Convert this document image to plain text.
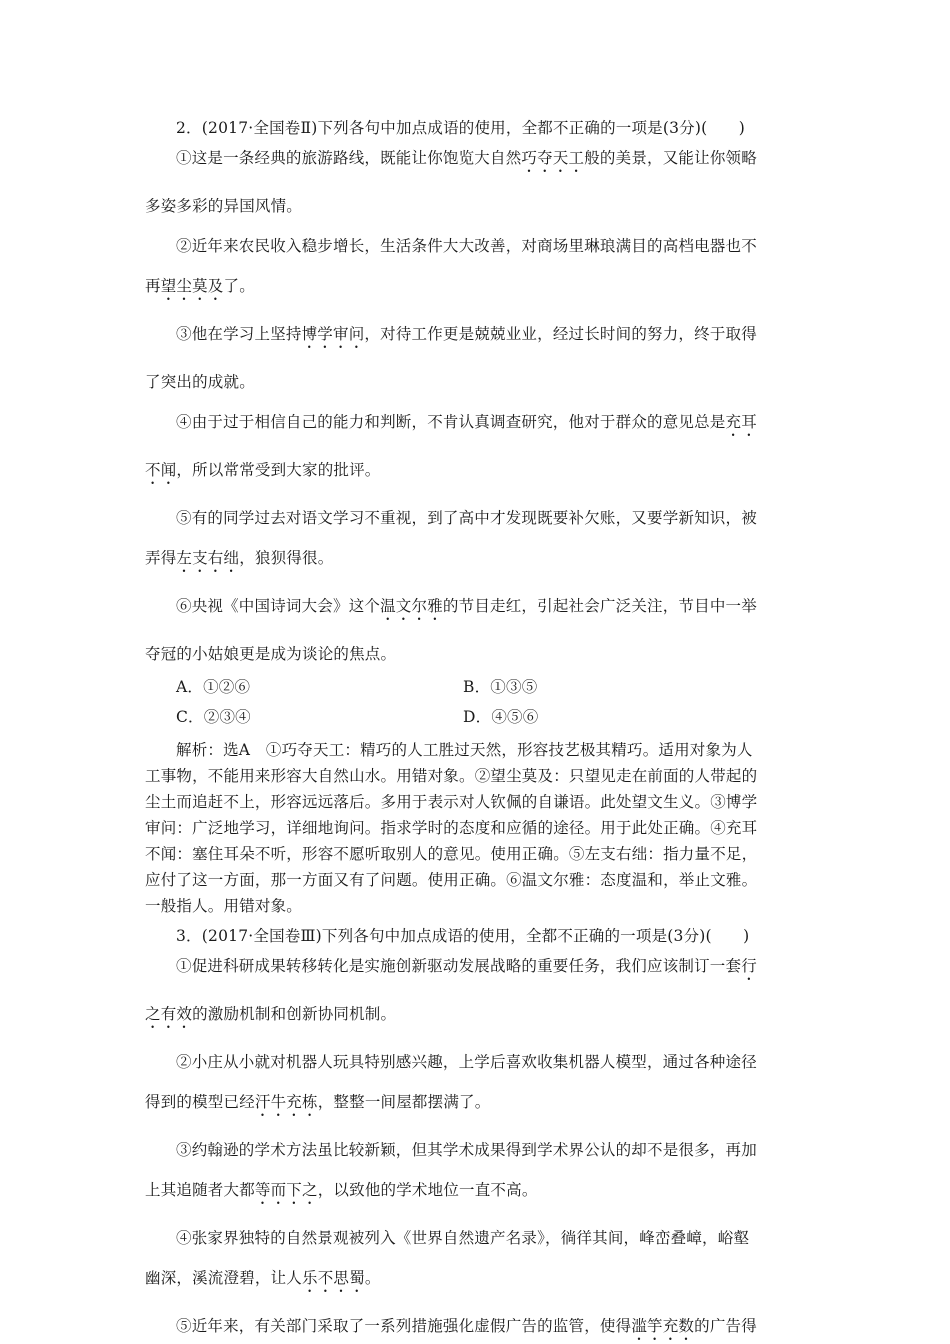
2．(2017·全国卷Ⅱ)下列各句中加点成语的使用，全都不正确的一项是(3分)(　　)
①这是一条经典的旅游路线，既能让你饱览大自然巧夺天工般的美景，又能让你领略
多姿多彩的异国风情。
②近年来农民收入稳步增长，生活条件大大改善，对商场里琳琅满目的高档电器也不
再望尘莫及了。
③他在学习上坚持博学审问，对待工作更是兢兢业业，经过长时间的努力，终于取得
了突出的成就。
④由于过于相信自己的能力和判断，不肯认真调查研究，他对于群众的意见总是充耳
不闻，所以常常受到大家的批评。
⑤有的同学过去对语文学习不重视，到了高中才发现既要补欠账，又要学新知识，被
弄得左支右绌，狼狈得很。
⑥央视《中国诗词大会》这个温文尔雅的节目走红，引起社会广泛关注，节目中一举
夺冠的小姑娘更是成为谈论的焦点。
A．①②⑥	B．①③⑤
C．②③④	D．④⑤⑥
解析：选A　①巧夺天工：精巧的人工胜过天然，形容技艺极其精巧。适用对象为人
工事物，不能用来形容大自然山水。用错对象。②望尘莫及：只望见走在前面的人带起的
尘土而追赶不上，形容远远落后。多用于表示对人钦佩的自谦语。此处望文生义。③博学
审问：广泛地学习，详细地询问。指求学时的态度和应循的途径。用于此处正确。④充耳
不闻：塞住耳朵不听，形容不愿听取别人的意见。使用正确。⑤左支右绌：指力量不足，
应付了这一方面，那一方面又有了问题。使用正确。⑥温文尔雅：态度温和，举止文雅。
一般指人。用错对象。
3．(2017·全国卷Ⅲ)下列各句中加点成语的使用，全都不正确的一项是(3分)(　　)
①促进科研成果转移转化是实施创新驱动发展战略的重要任务，我们应该制订一套行
之有效的激励机制和创新协同机制。
②小庄从小就对机器人玩具特别感兴趣，上学后喜欢收集机器人模型，通过各种途径
得到的模型已经汗牛充栋，整整一间屋都摆满了。
③约翰逊的学术方法虽比较新颖，但其学术成果得到学术界公认的却不是很多，再加
上其追随者大都等而下之，以致他的学术地位一直不高。
④张家界独特的自然景观被列入《世界自然遗产名录》，徜徉其间，峰峦叠嶂，峪壑
幽深，溪流澄碧，让人乐不思蜀。
⑤近年来，有关部门采取了一系列措施强化虚假广告的监管，使得滥竽充数的广告得
